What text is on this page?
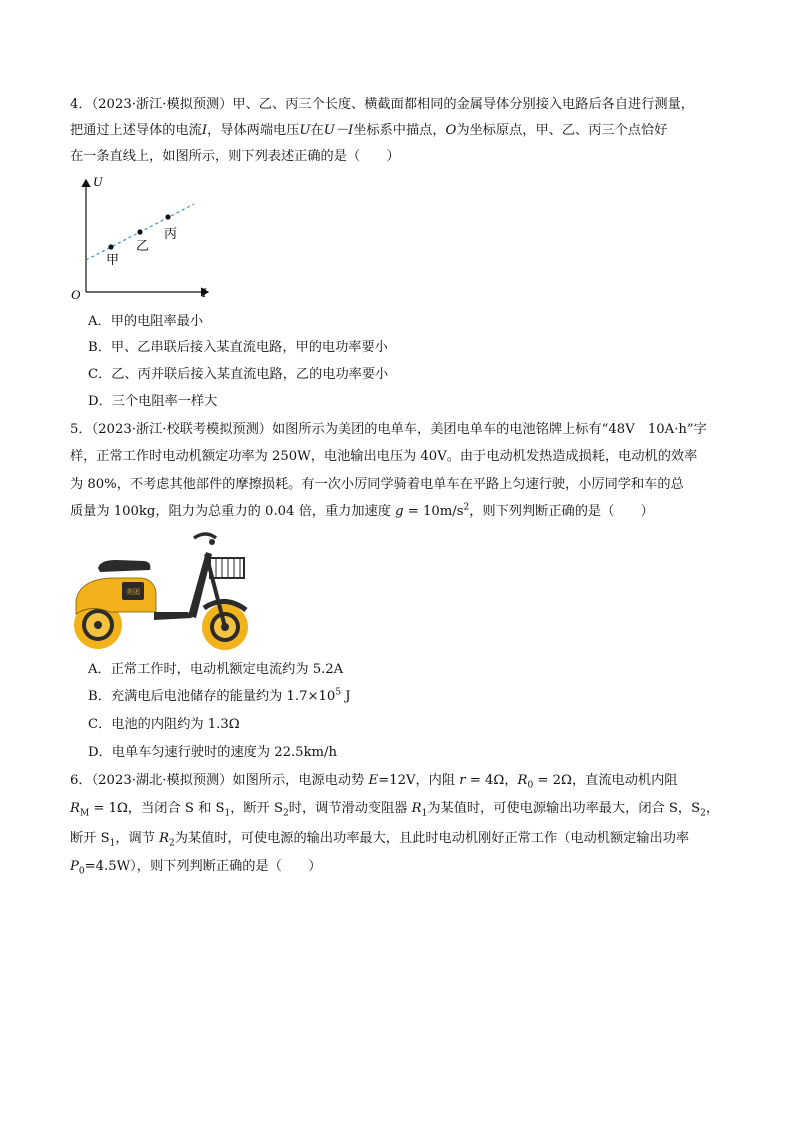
4．（2023·浙江·模拟预测）甲、乙、丙三个长度、横截面都相同的金属导体分别接入电路后各自进行测量，
把通过上述导体的电流I，导体两端电压U在U－I坐标系中描点，O为坐标原点，甲、乙、丙三个点恰好
在一条直线上，如图所示，则下列表述正确的是（　　）
U
I
O
甲
乙
丙
A．甲的电阻率最小
B．甲、乙串联后接入某直流电路，甲的电功率要小
C．乙、丙并联后接入某直流电路，乙的电功率要小
D．三个电阻率一样大
5．（2023·浙江·校联考模拟预测）如图所示为美团的电单车，美团电单车的电池铭牌上标有“48V　10A·h”字
样，正常工作时电动机额定功率为 250W，电池输出电压为 40V。由于电动机发热造成损耗，电动机的效率
为 80%，不考虑其他部件的摩擦损耗。有一次小厉同学骑着电单车在平路上匀速行驶，小厉同学和车的总
质量为 100kg，阻力为总重力的 0.04 倍，重力加速度 $g = 10m/s^2$，则下列判断正确的是（　　）
美团
A．正常工作时，电动机额定电流约为 5.2A
B．充满电后电池储存的能量约为 $1.7\times 10^5$ J
C．电池的内阻约为 1.3Ω
D．电单车匀速行驶时的速度为 22.5km/h
6．（2023·湖北·模拟预测）如图所示，电源电动势 E=12V，内阻 r = 4Ω，$R_0 = 2\Omega$，直流电动机内阻
$R_M = 1\Omega$，当闭合 S 和 $S_1$，断开 $S_2$时，调节滑动变阻器 $R_1$为某值时，可使电源输出功率最大，闭合 S，$S_2$，
断开 $S_1$，调节 $R_2$为某值时，可使电源的输出功率最大，且此时电动机刚好正常工作（电动机额定输出功率
$P_0=4.5W$），则下列判断正确的是（　　）
